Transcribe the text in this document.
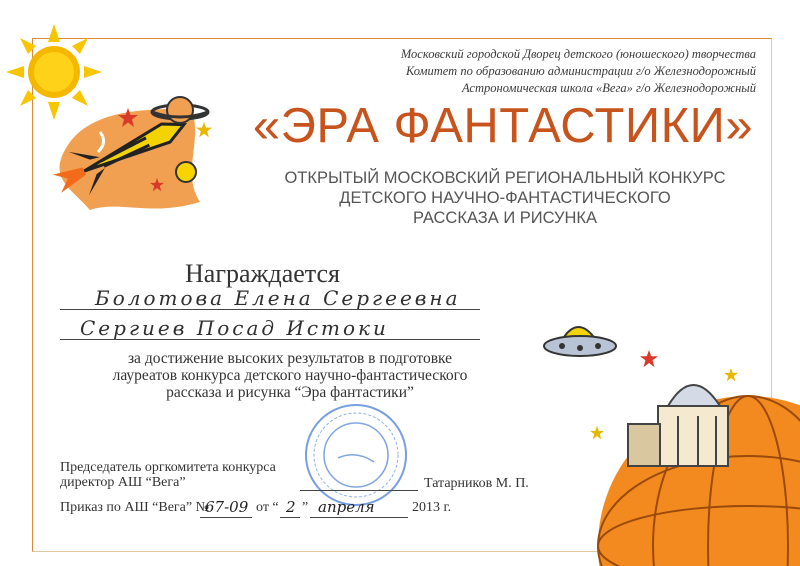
Московский городской Дворец детского (юношеского) творчества
Комитет по образованию администрации г/о Железнодорожный
Астрономическая школа «Вега» г/о Железнодорожный
«ЭРА ФАНТАСТИКИ»
ОТКРЫТЫЙ МОСКОВСКИЙ РЕГИОНАЛЬНЫЙ КОНКУРС
ДЕТСКОГО НАУЧНО-ФАНТАСТИЧЕСКОГО
РАССКАЗА И РИСУНКА
Награждается
Болотова Елена Сергеевна
Сергиев Посад Истоки
за достижение высоких результатов в подготовке
лауреатов конкурса детского научно-фантастического
рассказа и рисунка “Эра фантастики”
Председатель оргкомитета конкурса
директор АШ “Вега”	Татарников М. П.
Приказ по АШ “Вега” №
67-09 от “ 2 ” апреля	2013 г.
